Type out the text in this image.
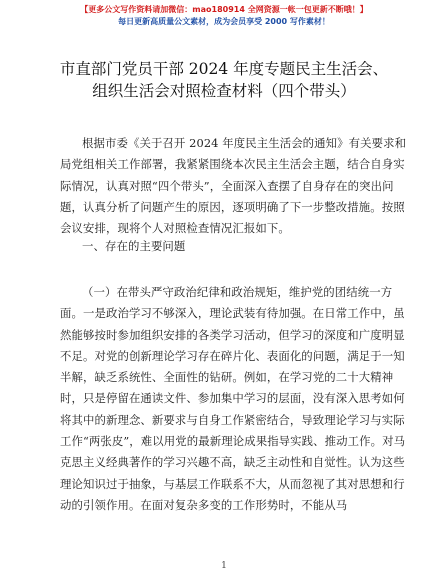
【更多公文写作资料请加微信：mao180914 全网资源一帐一包更新不断哦！】
每日更新高质量公文素材，成为会员享受 2000 写作素材！
市直部门党员干部 2024 年度专题民主生活会、
组织生活会对照检查材料（四个带头）

根据市委《关于召开 2024 年度民主生活会的通知》有关要求和局党组相关工作部署，我紧紧围绕本次民主生活会主题，结合自身实际情况，认真对照“四个带头”，全面深入查摆了自身存在的突出问题，认真分析了问题产生的原因，逐项明确了下一步整改措施。按照会议安排，现将个人对照检查情况汇报如下。

一、存在的主要问题

（一）在带头严守政治纪律和政治规矩，维护党的团结统一方面。一是政治学习不够深入，理论武装有待加强。在日常工作中，虽然能够按时参加组织安排的各类学习活动，但学习的深度和广度明显不足。对党的创新理论学习存在碎片化、表面化的问题，满足于一知半解，缺乏系统性、全面性的钻研。例如，在学习党的二十大精神时，只是停留在通读文件、参加集中学习的层面，没有深入思考如何将其中的新理念、新要求与自身工作紧密结合，导致理论学习与实际工作“两张皮”，难以用党的最新理论成果指导实践、推动工作。对马克思主义经典著作的学习兴趣不高，缺乏主动性和自觉性。认为这些理论知识过于抽象，与基层工作联系不大，从而忽视了其对思想和行动的引领作用。在面对复杂多变的工作形势时，不能从马

1
